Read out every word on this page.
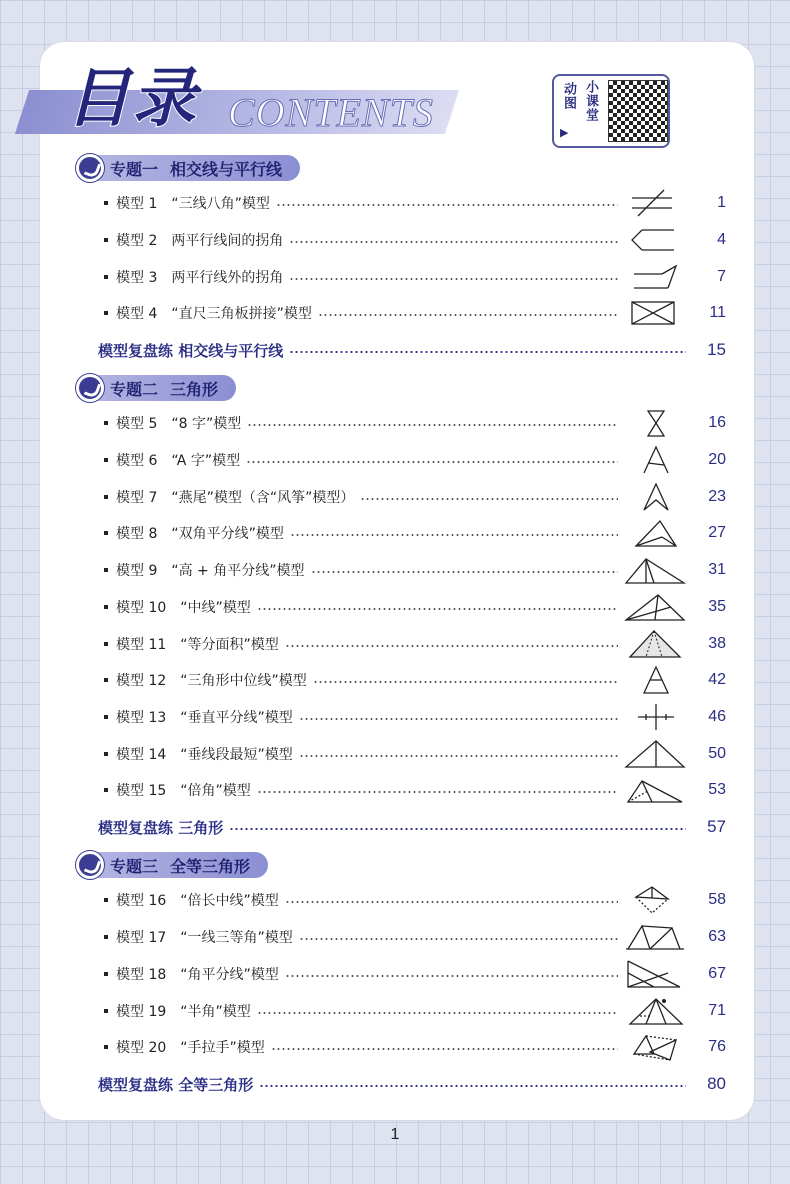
目录 CONTENTS	动图 小课堂
▶
专题一 相交线与平行线
模型 1 “三线八角”模型	1
模型 2 两平行线间的拐角	4
模型 3 两平行线外的拐角	7
模型 4 “直尺三角板拼接”模型	11
模型复盘练 相交线与平行线	15
专题二 三角形
模型 5 “8 字”模型	16
模型 6 “A 字”模型	20
模型 7 “燕尾”模型（含“风筝”模型）	23
模型 8 “双角平分线”模型	27
模型 9 “高 + 角平分线”模型	31
模型 10 “中线”模型	35
模型 11 “等分面积”模型	38
模型 12 “三角形中位线”模型	42
模型 13 “垂直平分线”模型	46
模型 14 “垂线段最短”模型	50
模型 15 “倍角”模型	53
模型复盘练 三角形	57
专题三 全等三角形
模型 16 “倍长中线”模型	58
模型 17 “一线三等角”模型	63
模型 18 “角平分线”模型	67
模型 19 “半角”模型	71
模型 20 “手拉手”模型	76
模型复盘练 全等三角形	80
1
